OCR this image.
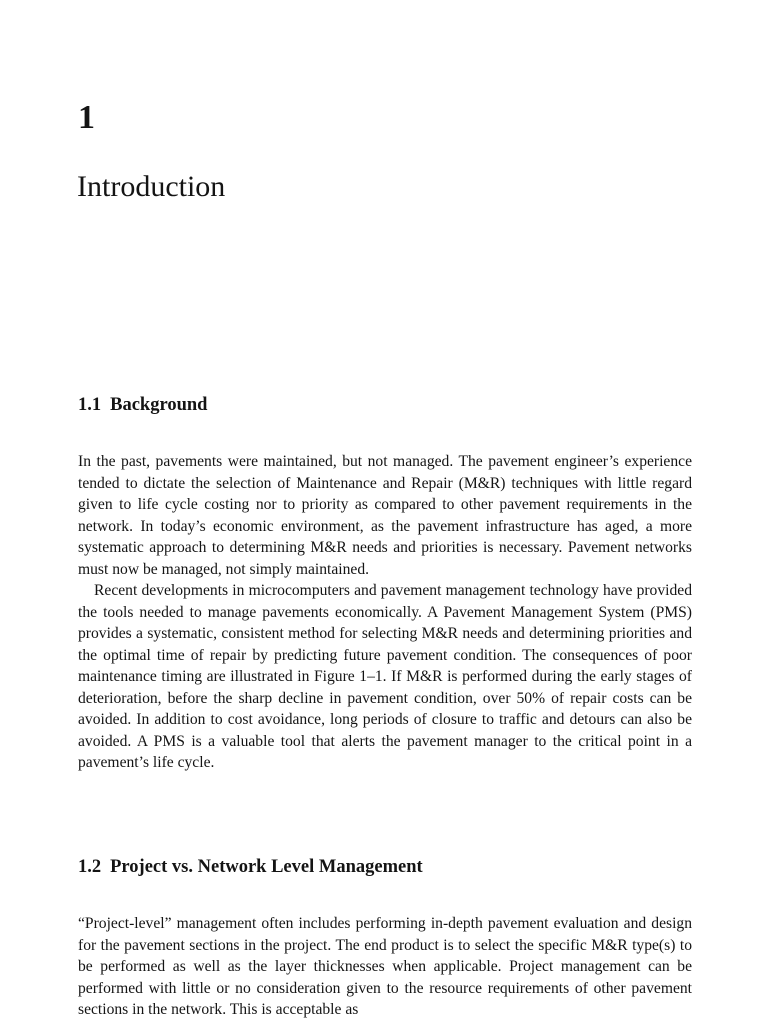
1
Introduction
1.1 Background

In the past, pavements were maintained, but not managed. The pavement engineer’s experience tended to dictate the selection of Maintenance and Repair (M&R) techniques with little regard given to life cycle costing nor to priority as compared to other pavement requirements in the network. In today’s economic environment, as the pavement infrastructure has aged, a more systematic approach to determining M&R needs and priorities is necessary. Pavement networks must now be managed, not simply maintained.

Recent developments in microcomputers and pavement management technology have provided the tools needed to manage pavements economically. A Pavement Management System (PMS) provides a systematic, consistent method for selecting M&R needs and determining priorities and the optimal time of repair by predicting future pavement condition. The consequences of poor maintenance timing are illustrated in Figure 1–1. If M&R is performed during the early stages of deterioration, before the sharp decline in pavement condition, over 50% of repair costs can be avoided. In addition to cost avoidance, long periods of closure to traffic and detours can also be avoided. A PMS is a valuable tool that alerts the pavement manager to the critical point in a pavement’s life cycle.

1.2 Project vs. Network Level Management

“Project-level” management often includes performing in-depth pavement evaluation and design for the pavement sections in the project. The end product is to select the specific M&R type(s) to be performed as well as the layer thicknesses when applicable. Project management can be performed with little or no consideration given to the resource requirements of other pavement sections in the network. This is acceptable as
